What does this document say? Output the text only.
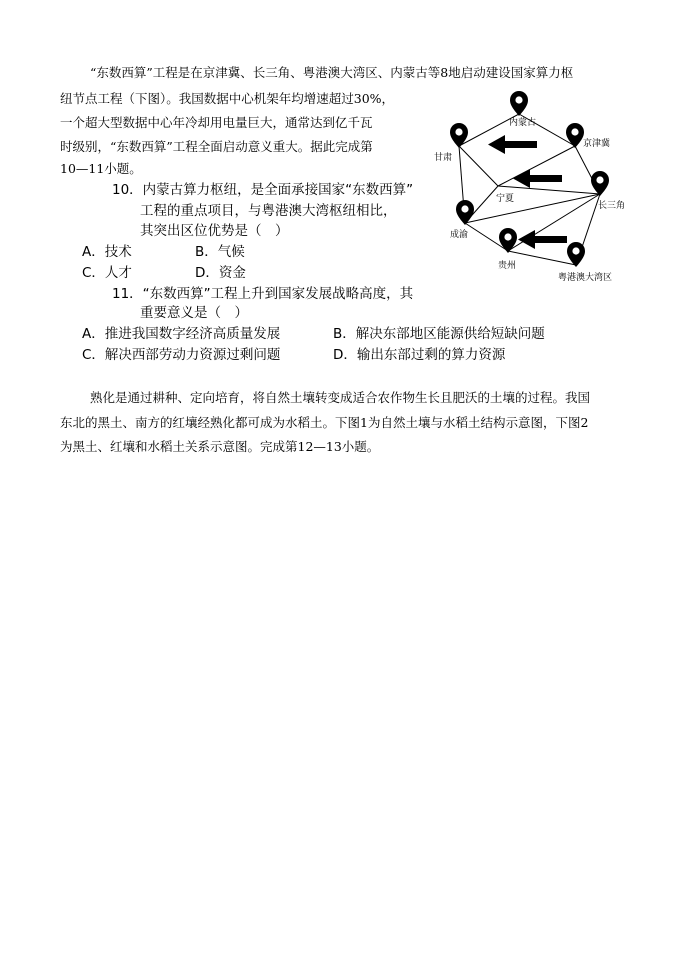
“东数西算”工程是在京津冀、长三角、粤港澳大湾区、内蒙古等8地启动建设国家算力枢
纽节点工程（下图）。我国数据中心机架年均增速超过30%，
一个超大型数据中心年冷却用电量巨大，通常达到亿千瓦
时级别，“东数西算”工程全面启动意义重大。据此完成第
10—11小题。
10．内蒙古算力枢纽，是全面承接国家“东数西算”
工程的重点项目，与粤港澳大湾枢纽相比，
其突出区位优势是（　）
A．技术	B．气候
C．人才	D．资金
11．“东数西算”工程上升到国家发展战略高度，其
重要意义是（　）
A．推进我国数字经济高质量发展	B．解决东部地区能源供给短缺问题
C．解决西部劳动力资源过剩问题	D．输出东部过剩的算力资源
内蒙古
京津冀
甘肃
宁夏
长三角
成渝
贵州
粤港澳大湾区
熟化是通过耕种、定向培育，将自然土壤转变成适合农作物生长且肥沃的土壤的过程。我国
东北的黑土、南方的红壤经熟化都可成为水稻土。下图1为自然土壤与水稻土结构示意图，下图2
为黑土、红壤和水稻土关系示意图。完成第12—13小题。
